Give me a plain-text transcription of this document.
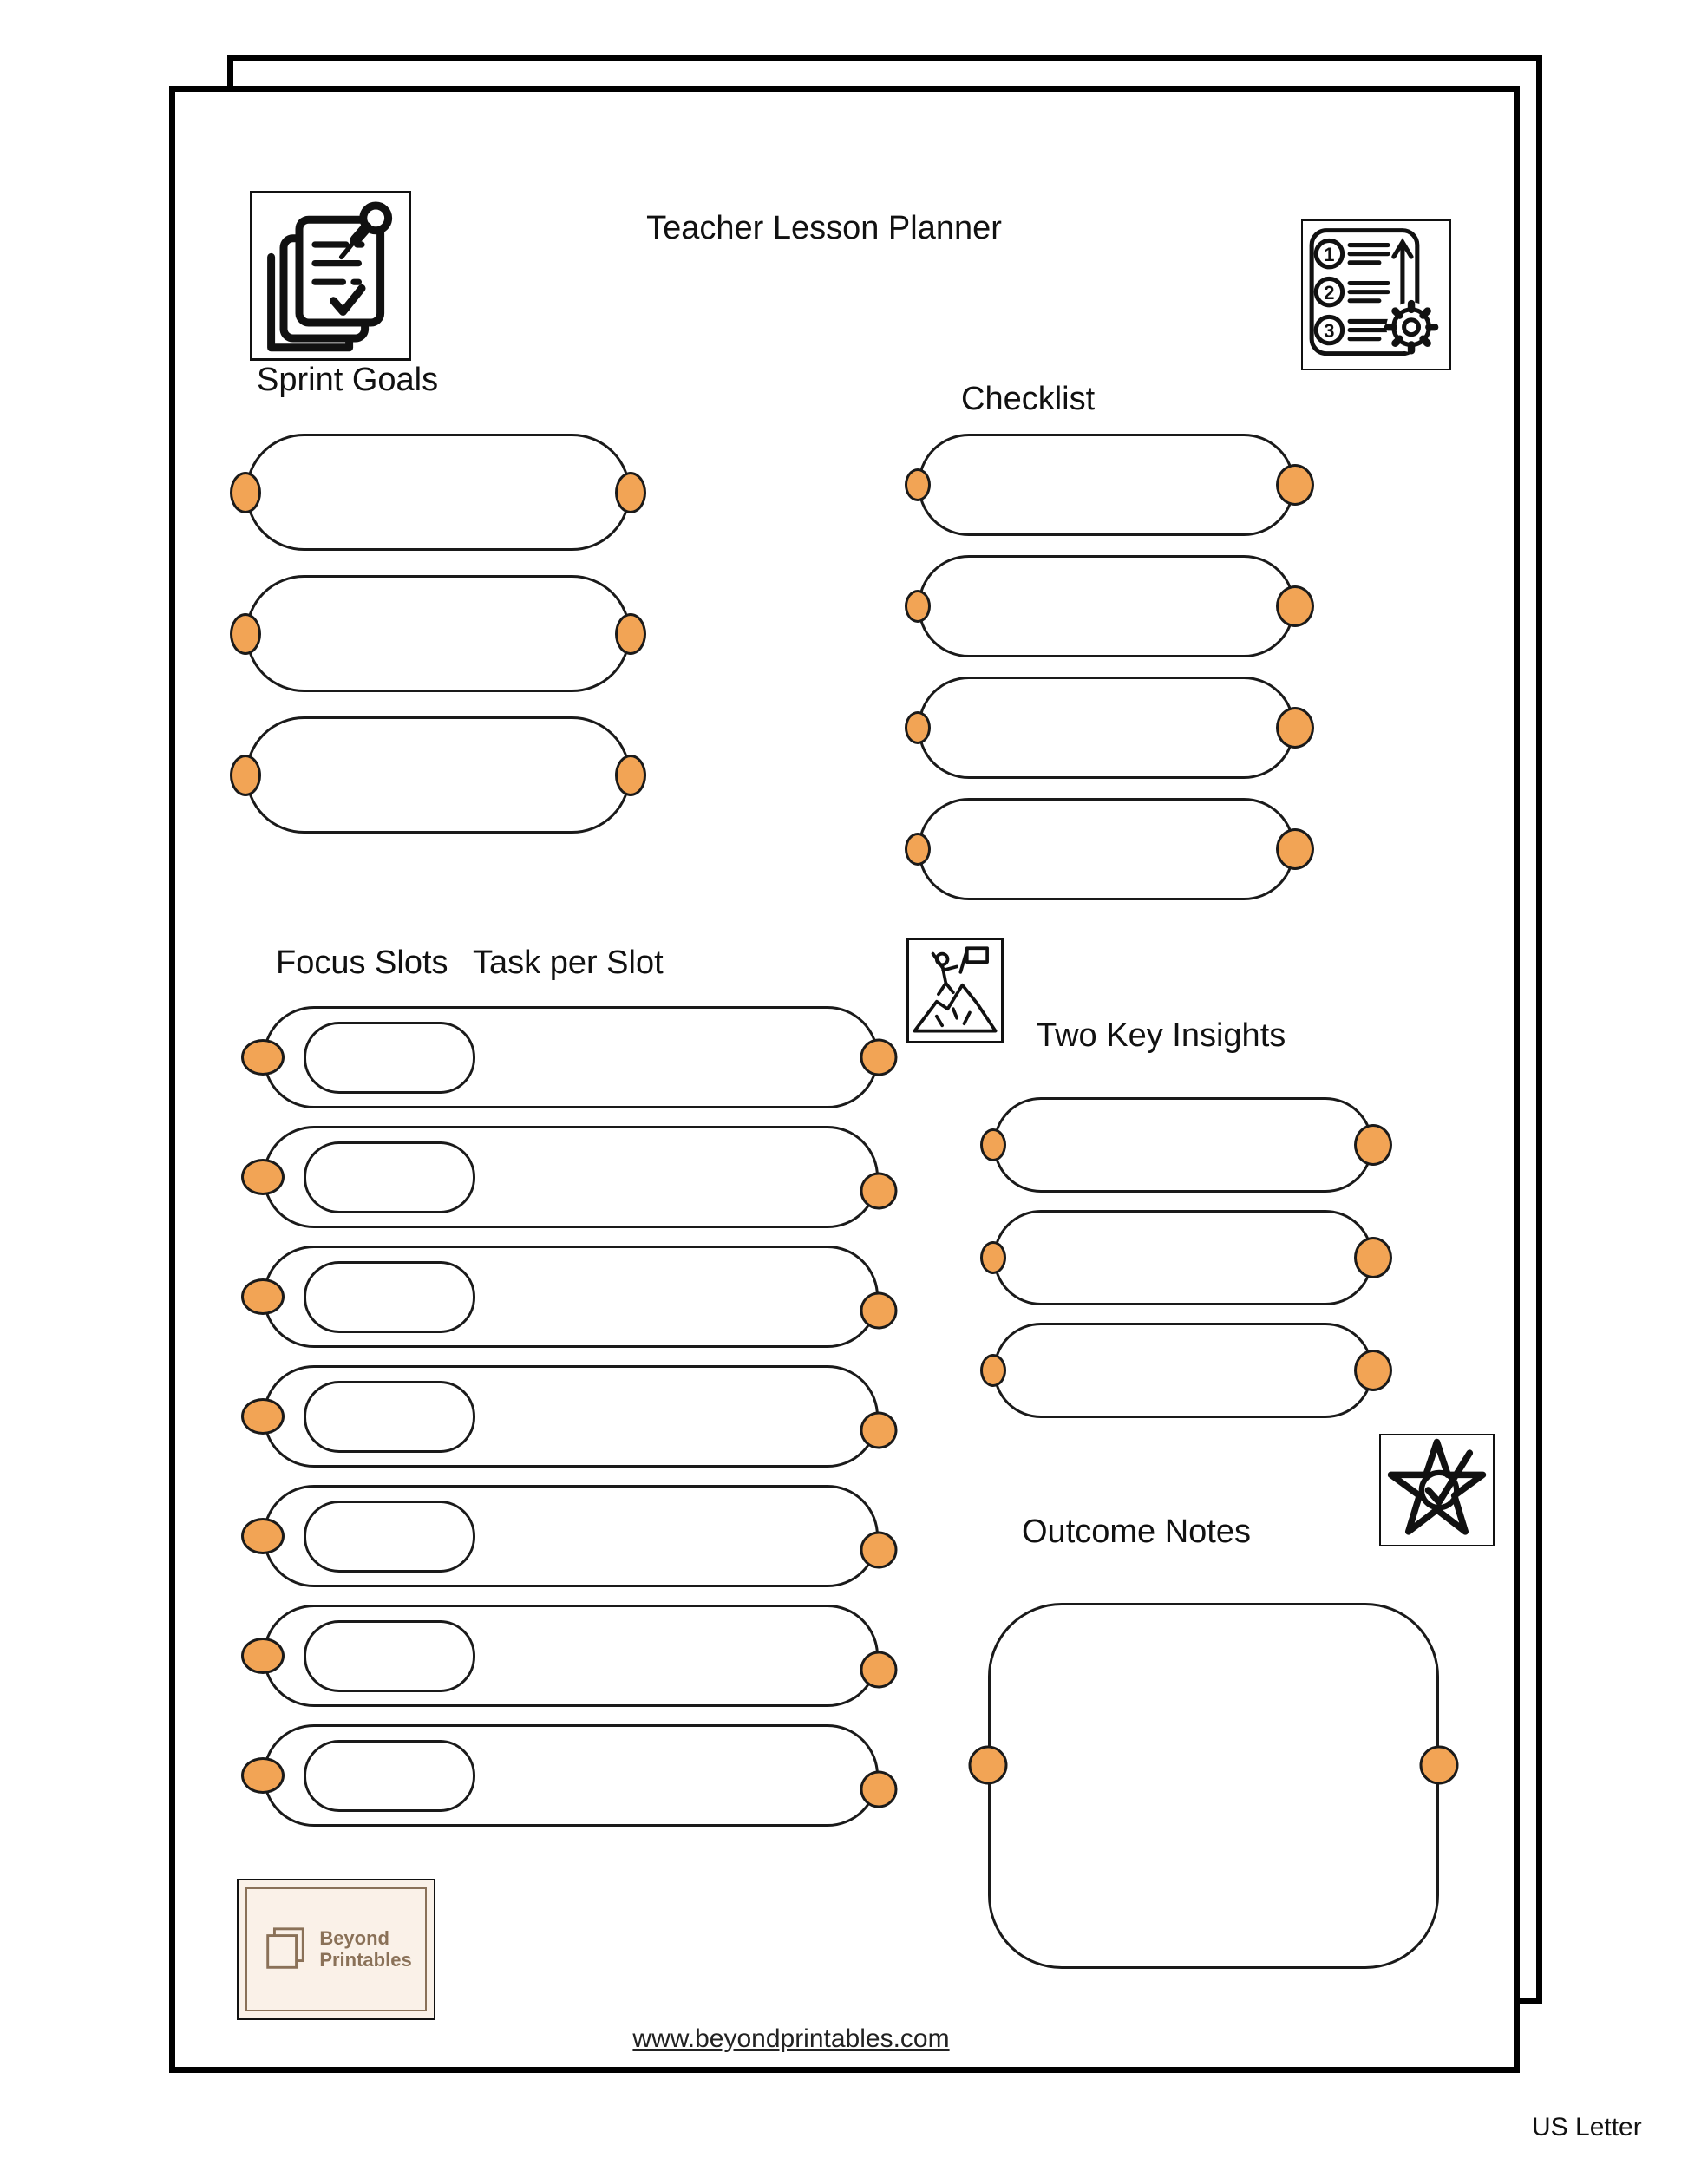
Teacher Lesson Planner
1
2
3
Sprint Goals
Checklist
Focus Slots Task per Slot
Two Key Insights
Outcome Notes
Beyond
Printables
www.beyondprintables.com
US Letter
